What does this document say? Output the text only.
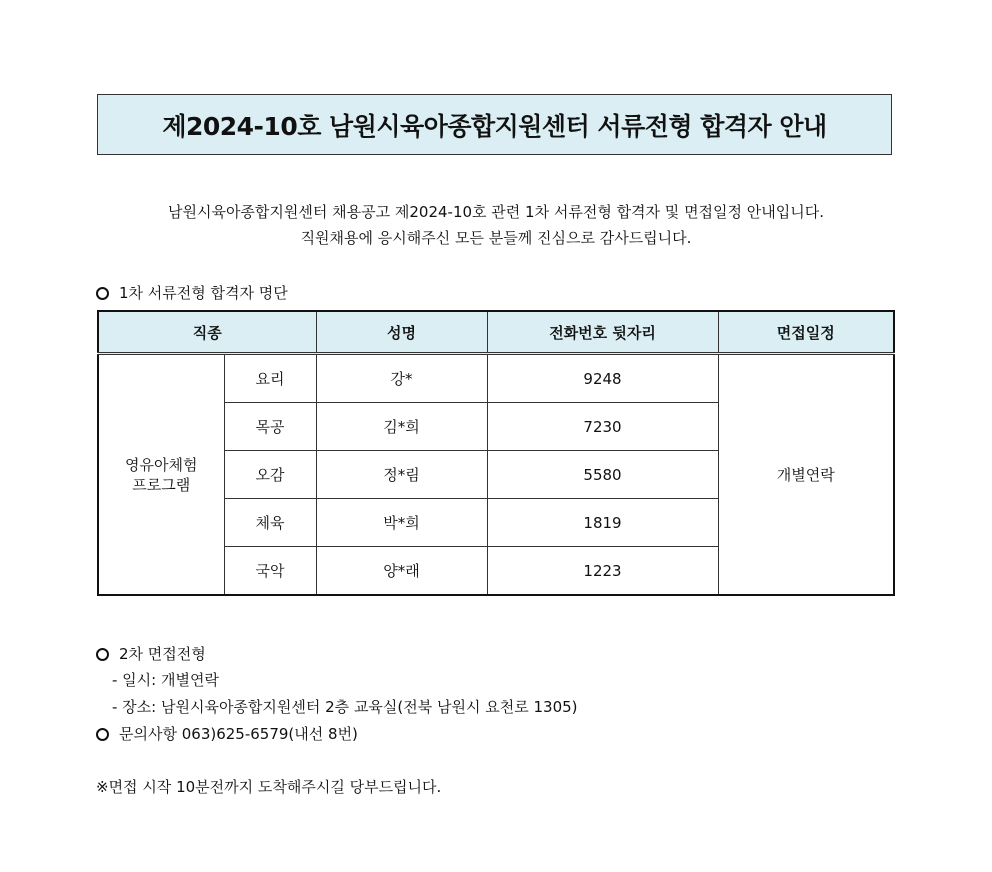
제2024-10호 남원시육아종합지원센터 서류전형 합격자 안내
남원시육아종합지원센터 채용공고 제2024-10호 관련 1차 서류전형 합격자 및 면접일정 안내입니다.
직원채용에 응시해주신 모든 분들께 진심으로 감사드립니다.
1차 서류전형 합격자 명단
직종		성명	전화번호 뒷자리	면접일정

영유아체험
프로그램	요리	강*	9248	개별연락
	목공	김*희	7230	
	오감	정*림	5580	
	체육	박*희	1819	
	국악	양*래	1223	
2차 면접전형
- 일시: 개별연락
- 장소: 남원시육아종합지원센터 2층 교육실(전북 남원시 요천로 1305)
문의사항 063)625-6579(내선 8번)
※면접 시작 10분전까지 도착해주시길 당부드립니다.
